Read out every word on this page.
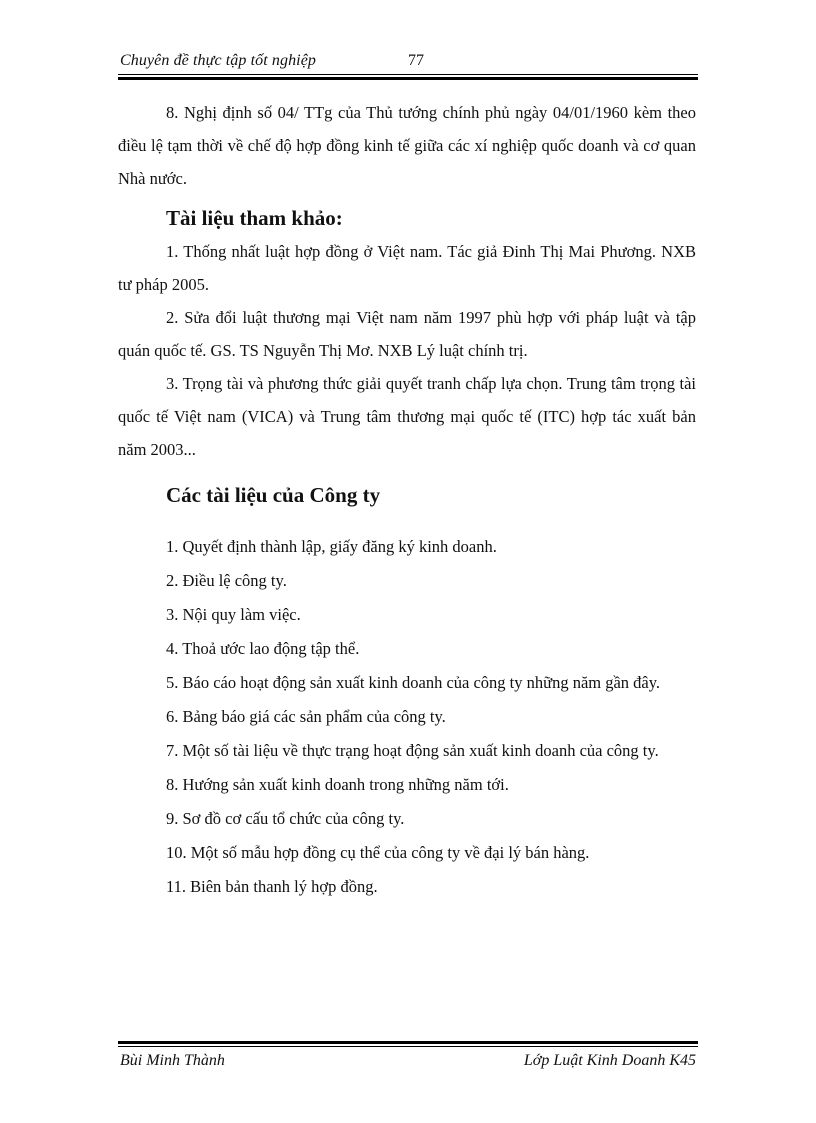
Chuyên đề thực tập tốt nghiệp	77

8. Nghị định số 04/ TTg của Thủ tướng chính phủ ngày 04/01/1960 kèm theo điều lệ tạm thời về chế độ hợp đồng kinh tế giữa các xí nghiệp quốc doanh và cơ quan Nhà nước.

Tài liệu tham khảo:

1. Thống nhất luật hợp đồng ở Việt nam. Tác giả Đinh Thị Mai Phương. NXB tư pháp 2005.

2. Sửa đổi luật thương mại Việt nam năm 1997 phù hợp với pháp luật và tập quán quốc tế. GS. TS Nguyễn Thị Mơ. NXB Lý luật chính trị.

3. Trọng tài và phương thức giải quyết tranh chấp lựa chọn. Trung tâm trọng tài quốc tế Việt nam (VICA) và Trung tâm thương mại quốc tế (ITC) hợp tác xuất bản năm 2003...

Các tài liệu của Công ty
1. Quyết định thành lập, giấy đăng ký kinh doanh.
2. Điều lệ công ty.
3. Nội quy làm việc.
4. Thoả ước lao động tập thể.
5. Báo cáo hoạt động sản xuất kinh doanh của công ty những năm gần đây.
6. Bảng báo giá các sản phẩm của công ty.
7. Một số tài liệu về thực trạng hoạt động sản xuất kinh doanh của công ty.
8. Hướng sản xuất kinh doanh trong những năm tới.
9. Sơ đồ cơ cấu tổ chức của công ty.
10. Một số mẫu hợp đồng cụ thể của công ty về đại lý bán hàng.
11. Biên bản thanh lý hợp đồng.
Bùi Minh Thành	Lớp Luật Kinh Doanh K45
